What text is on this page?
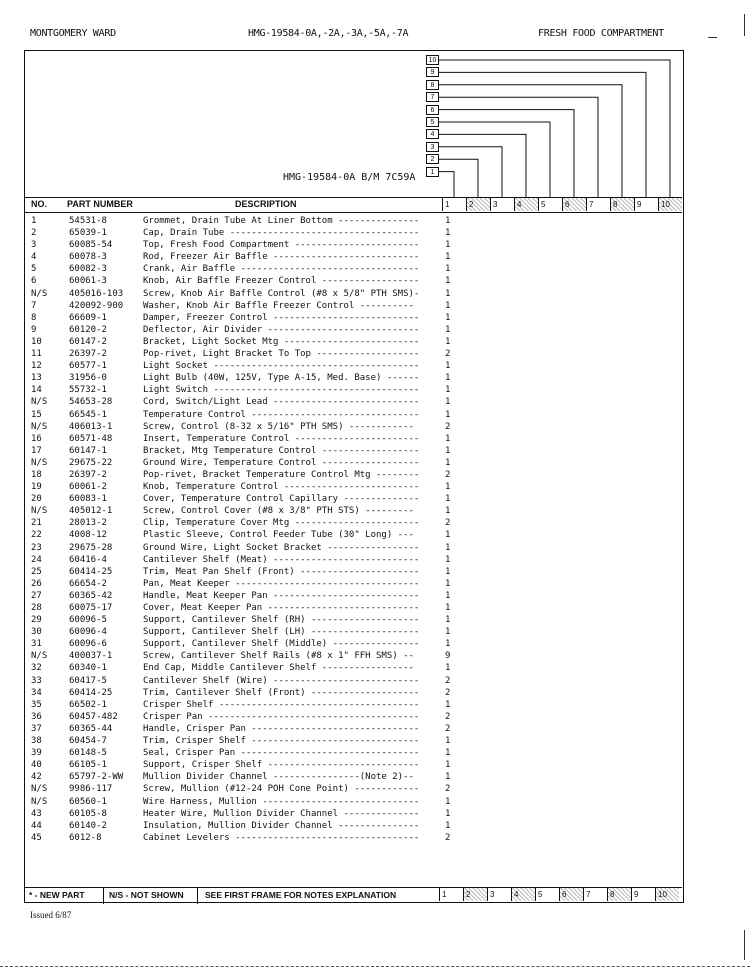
MONTGOMERY WARD	HMG-19584-0A,-2A,-3A,-5A,-7A	FRESH FOOD COMPARTMENT
10
9
8
7
6
5
4
3
2
1
HMG-19584-0A B/M 7C59A
NO. PART NUMBER	DESCRIPTION	1	2	3	4	5	6	7	8	9	10
1	54531-8	Grommet, Drain Tube At Liner Bottom ---------------	1
2	65039-1	Cap, Drain Tube -----------------------------------	1
3	60085-54	Top, Fresh Food Compartment -----------------------	1
4	60078-3	Rod, Freezer Air Baffle ---------------------------	1
5	60082-3	Crank, Air Baffle ---------------------------------	1
6	60061-3	Knob, Air Baffle Freezer Control ------------------	1
N/S 405016-103 Screw, Knob Air Baffle Control (#8 x 5/8" PTH SMS)-	1
7	420092-900 Washer, Knob Air Baffle Freezer Control ----------	1
8	66609-1	Damper, Freezer Control ---------------------------	1
9	60120-2	Deflector, Air Divider ----------------------------	1
10	60147-2	Bracket, Light Socket Mtg -------------------------	1
11	26397-2	Pop-rivet, Light Bracket To Top -------------------	2
12	60577-1	Light Socket --------------------------------------	1
13	31956-0	Light Bulb (40W, 125V, Type A-15, Med. Base) ------	1
14	55732-1	Light Switch --------------------------------------	1
N/S 54653-28	Cord, Switch/Light Lead ---------------------------	1
15	66545-1	Temperature Control -------------------------------	1
N/S 406013-1	Screw, Control (8-32 x 5/16" PTH SMS) ------------	2
16	60571-48	Insert, Temperature Control -----------------------	1
17	60147-1	Bracket, Mtg Temperature Control ------------------	1
N/S 29675-22	Ground Wire, Temperature Control ------------------	1
18	26397-2	Pop-rivet, Bracket Temperature Control Mtg --------	2
19	60061-2	Knob, Temperature Control -------------------------	1
20	60083-1	Cover, Temperature Control Capillary --------------	1
N/S 405012-1	Screw, Control Cover (#8 x 3/8" PTH STS) ---------	1
21	28013-2	Clip, Temperature Cover Mtg -----------------------	2
22	4008-12	Plastic Sleeve, Control Feeder Tube (30" Long) ---	1
23	29675-28	Ground Wire, Light Socket Bracket -----------------	1
24	60416-4	Cantilever Shelf (Meat) ---------------------------	1
25	60414-25	Trim, Meat Pan Shelf (Front) ----------------------	1
26	66654-2	Pan, Meat Keeper ----------------------------------	1
27	60365-42	Handle, Meat Keeper Pan ---------------------------	1
28	60075-17	Cover, Meat Keeper Pan ----------------------------	1
29	60096-5	Support, Cantilever Shelf (RH) --------------------	1
30	60096-4	Support, Cantilever Shelf (LH) --------------------	1
31	60096-6	Support, Cantilever Shelf (Middle) ----------------	1
N/S 400037-1	Screw, Cantilever Shelf Rails (#8 x 1" FFH SMS) --	9
32	60340-1	End Cap, Middle Cantilever Shelf -----------------	1
33	60417-5	Cantilever Shelf (Wire) ---------------------------	2
34	60414-25	Trim, Cantilever Shelf (Front) --------------------	2
35	66502-1	Crisper Shelf -------------------------------------	1
36	60457-482	Crisper Pan ---------------------------------------	2
37	60365-44	Handle, Crisper Pan -------------------------------	2
38	60454-7	Trim, Crisper Shelf -------------------------------	1
39	60148-5	Seal, Crisper Pan ---------------------------------	1
40	66105-1	Support, Crisper Shelf ----------------------------	1
42	65797-2-WW Mullion Divider Channel ----------------(Note 2)--	1
N/S 9986-117	Screw, Mullion (#12-24 POH Cone Point) ------------	2
N/S 60560-1	Wire Harness, Mullion -----------------------------	1
43	60105-8	Heater Wire, Mullion Divider Channel --------------	1
44	60140-2	Insulation, Mullion Divider Channel ---------------	1
45	6012-8	Cabinet Levelers ----------------------------------	2
* - NEW PART	N/S - NOT SHOWN	SEE FIRST FRAME FOR NOTES EXPLANATION	1	2	3	4	5	6	7	8	9	10
Issued 6/87
